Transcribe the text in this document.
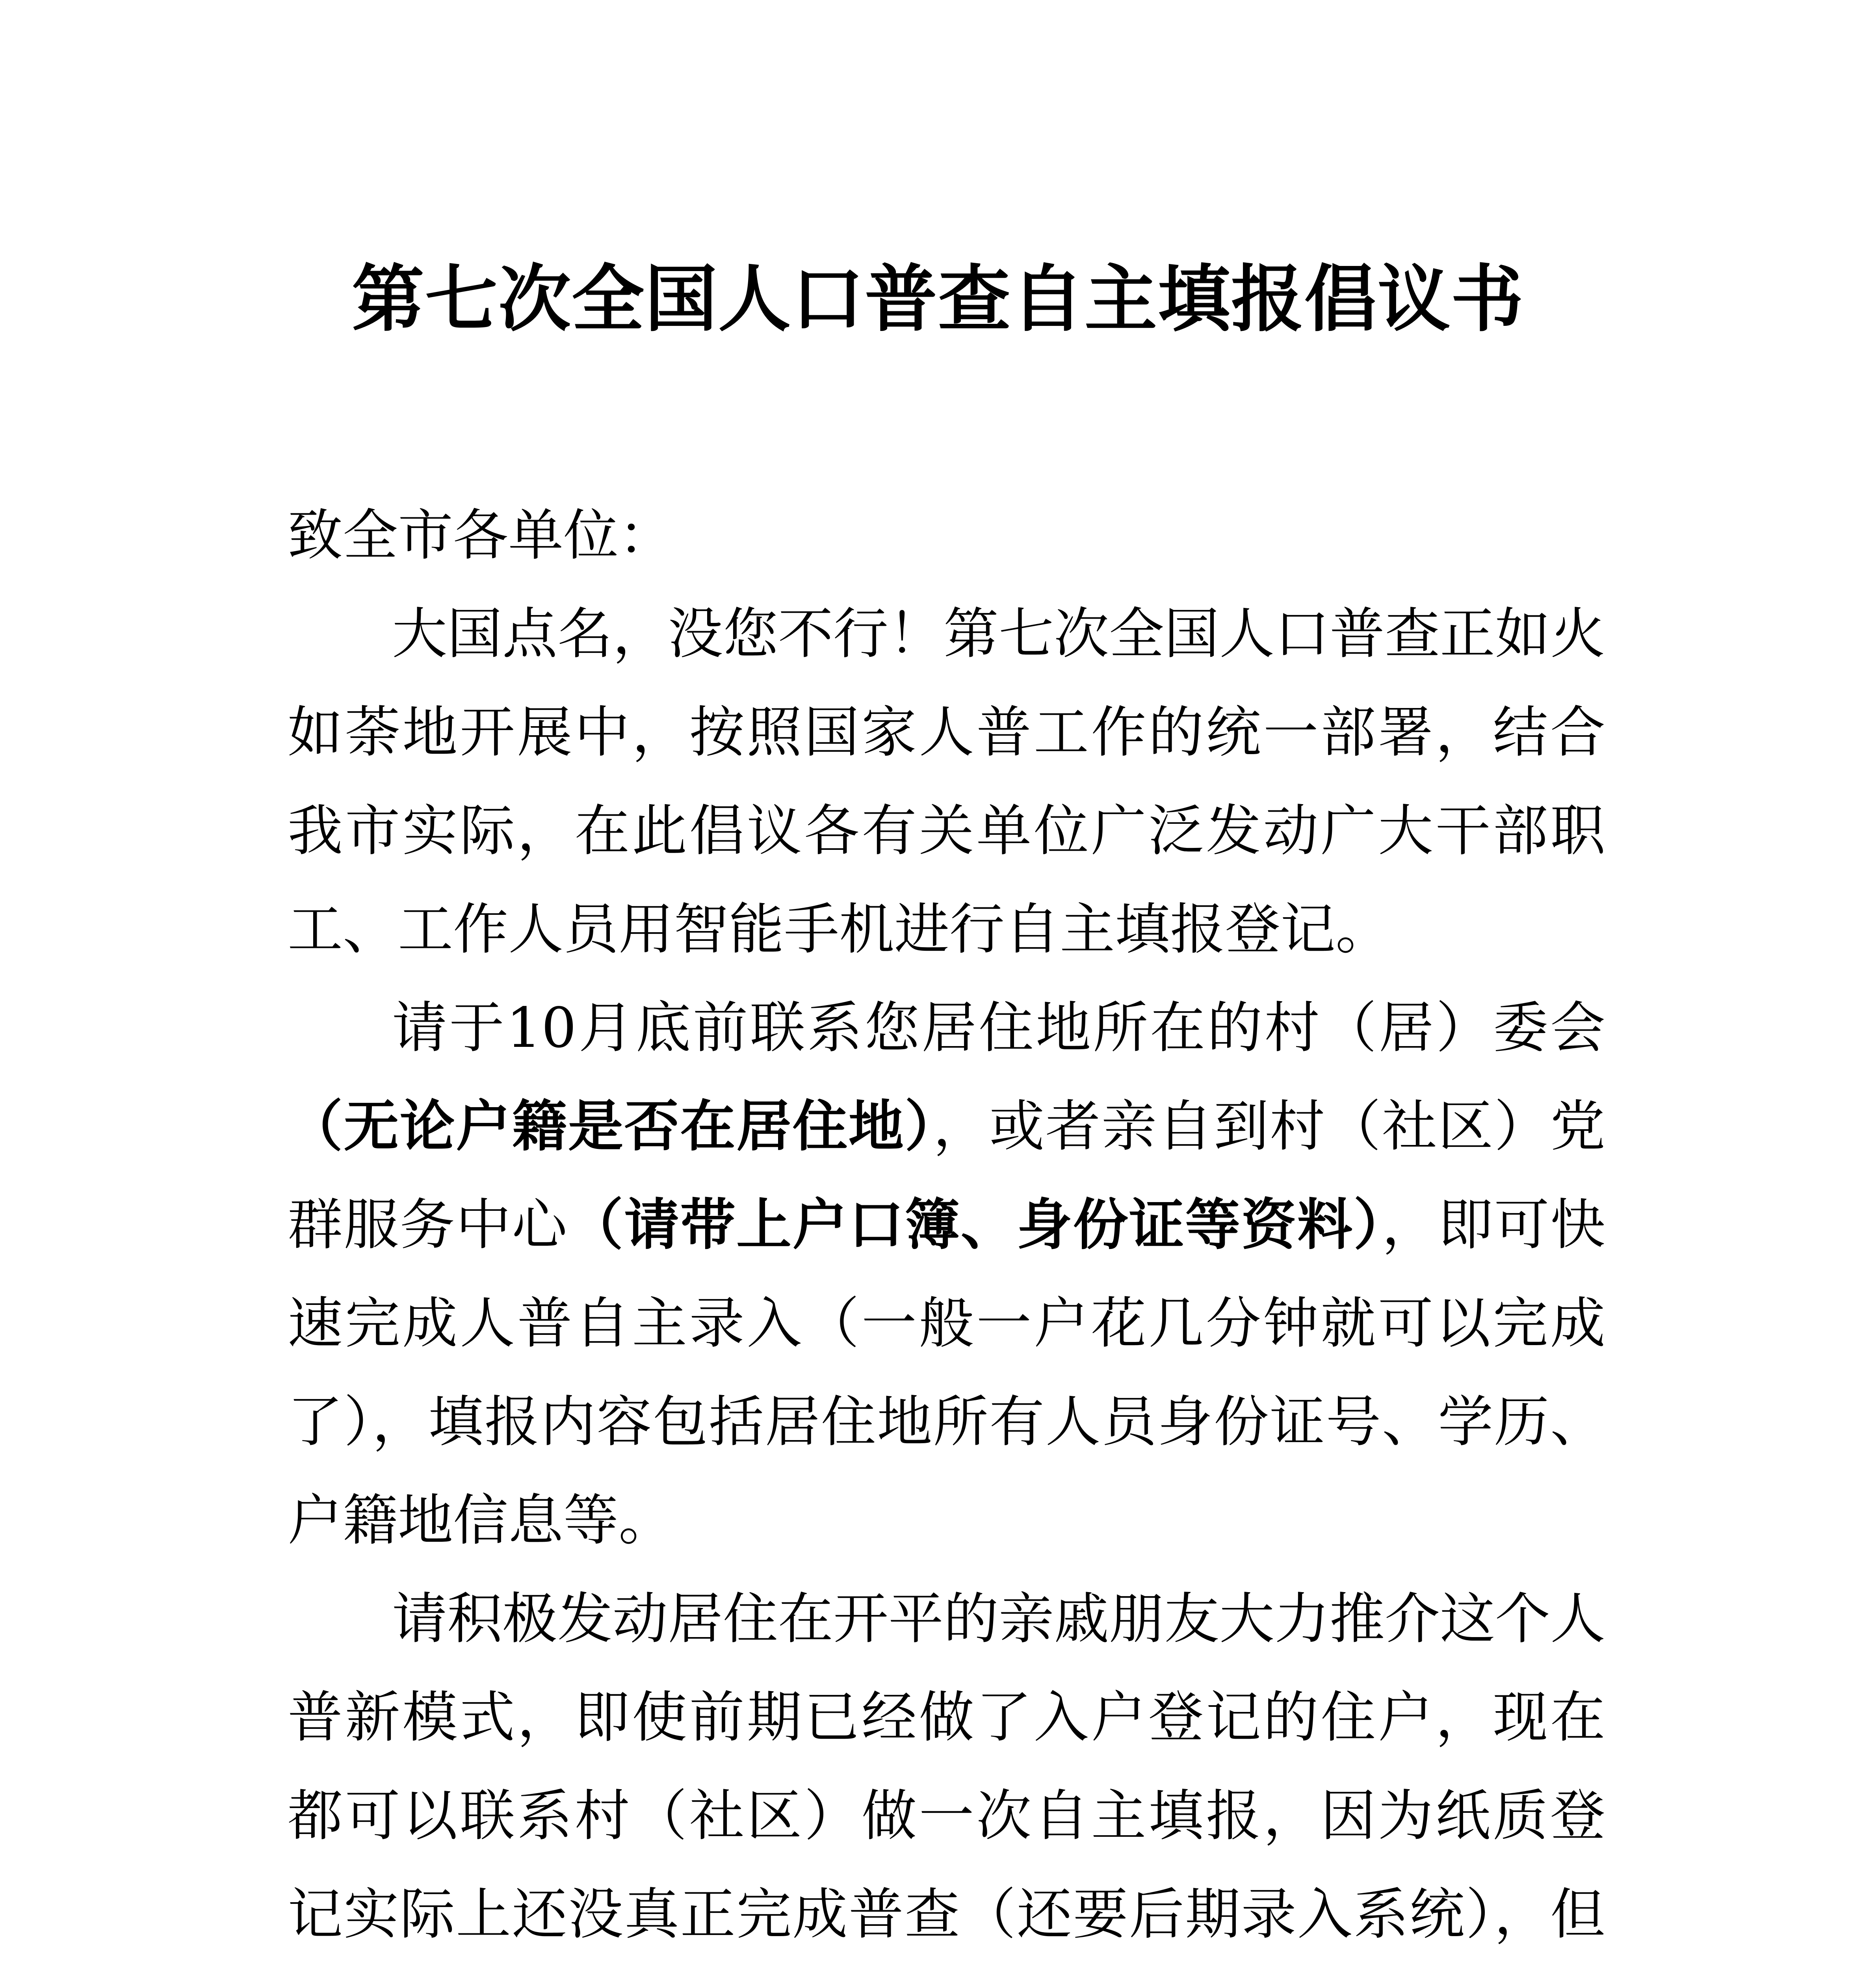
第七次全国人口普查自主填报倡议书

致全市各单位：

大国点名，没您不行！第七次全国人口普查正如火如荼地开展中，按照国家人普工作的统一部署，结合我市实际，在此倡议各有关单位广泛发动广大干部职工、工作人员用智能手机进行自主填报登记。

请于10月底前联系您居住地所在的村（居）委会（无论户籍是否在居住地），或者亲自到村（社区）党群服务中心（请带上户口簿、身份证等资料），即可快速完成人普自主录入（一般一户花几分钟就可以完成了），填报内容包括居住地所有人员身份证号、学历、户籍地信息等。

请积极发动居住在开平的亲戚朋友大力推介这个人普新模式，即使前期已经做了入户登记的住户，现在都可以联系村（社区）做一次自主填报，因为纸质登记实际上还没真正完成普查（还要后期录入系统），但
